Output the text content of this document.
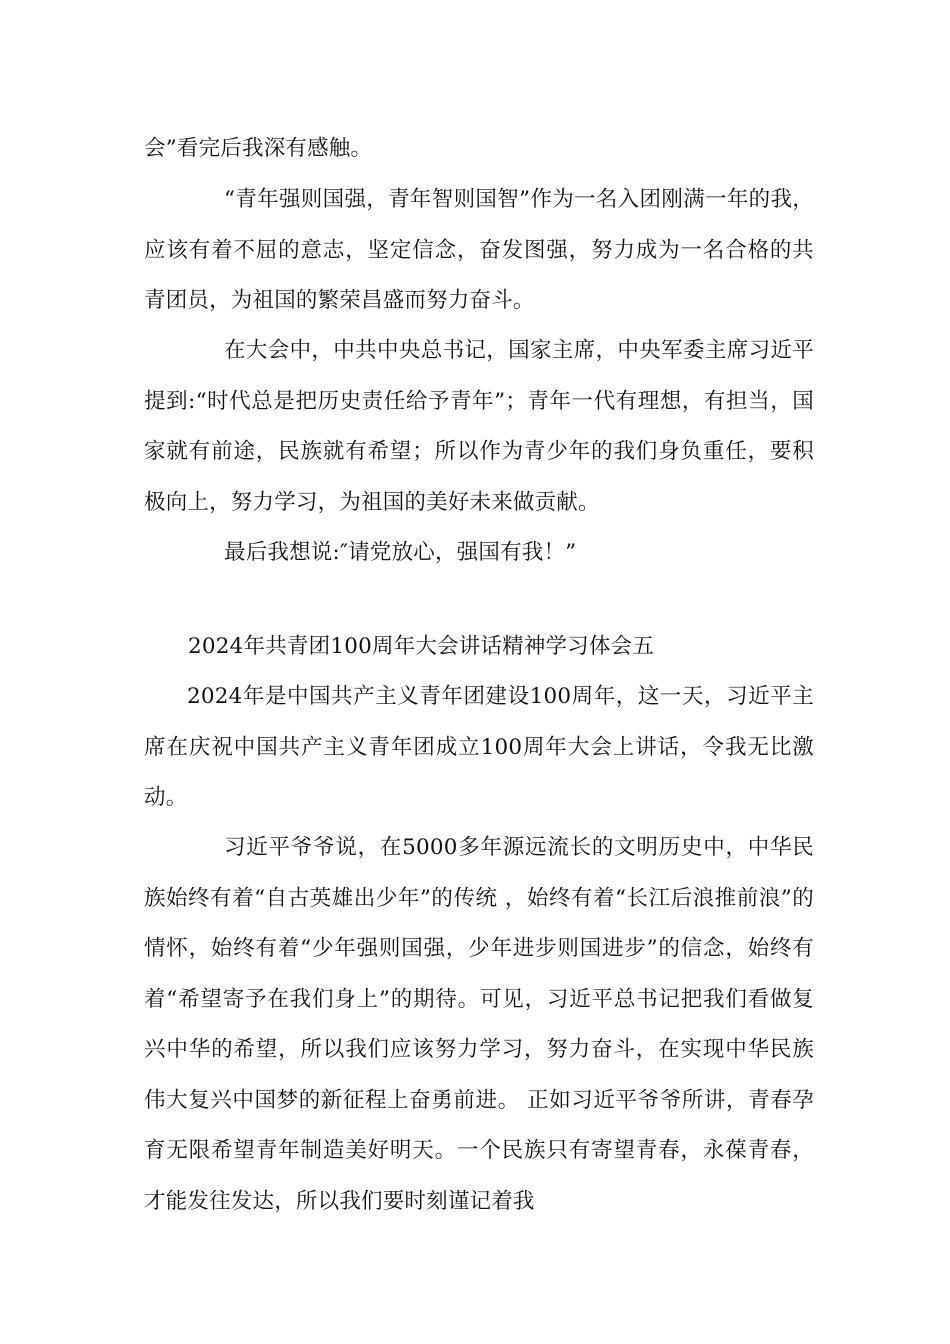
会”看完后我深有感触。

“青年强则国强，青年智则国智”作为一名入团刚满一年的我，应该有着不屈的意志，坚定信念，奋发图强，努力成为一名合格的共青团员，为祖国的繁荣昌盛而努力奋斗。

在大会中，中共中央总书记，国家主席，中央军委主席习近平提到:“时代总是把历史责任给予青年”；青年一代有理想，有担当，国家就有前途，民族就有希望；所以作为青少年的我们身负重任，要积极向上，努力学习，为祖国的美好未来做贡献。

最后我想说:″请党放心，强国有我！”

2024年共青团100周年大会讲话精神学习体会五

2024年是中国共产主义青年团建设100周年，这一天，习近平主席在庆祝中国共产主义青年团成立100周年大会上讲话，令我无比激动。

习近平爷爷说，在5000多年源远流长的文明历史中，中华民族始终有着“自古英雄出少年”的传统 ，始终有着“长江后浪推前浪”的情怀，始终有着“少年强则国强，少年进步则国进步”的信念，始终有着“希望寄予在我们身上”的期待。可见，习近平总书记把我们看做复兴中华的希望，所以我们应该努力学习，努力奋斗，在实现中华民族伟大复兴中国梦的新征程上奋勇前进。 正如习近平爷爷所讲，青春孕育无限希望青年制造美好明天。一个民族只有寄望青春，永葆青春，才能发往发达，所以我们要时刻谨记着我
